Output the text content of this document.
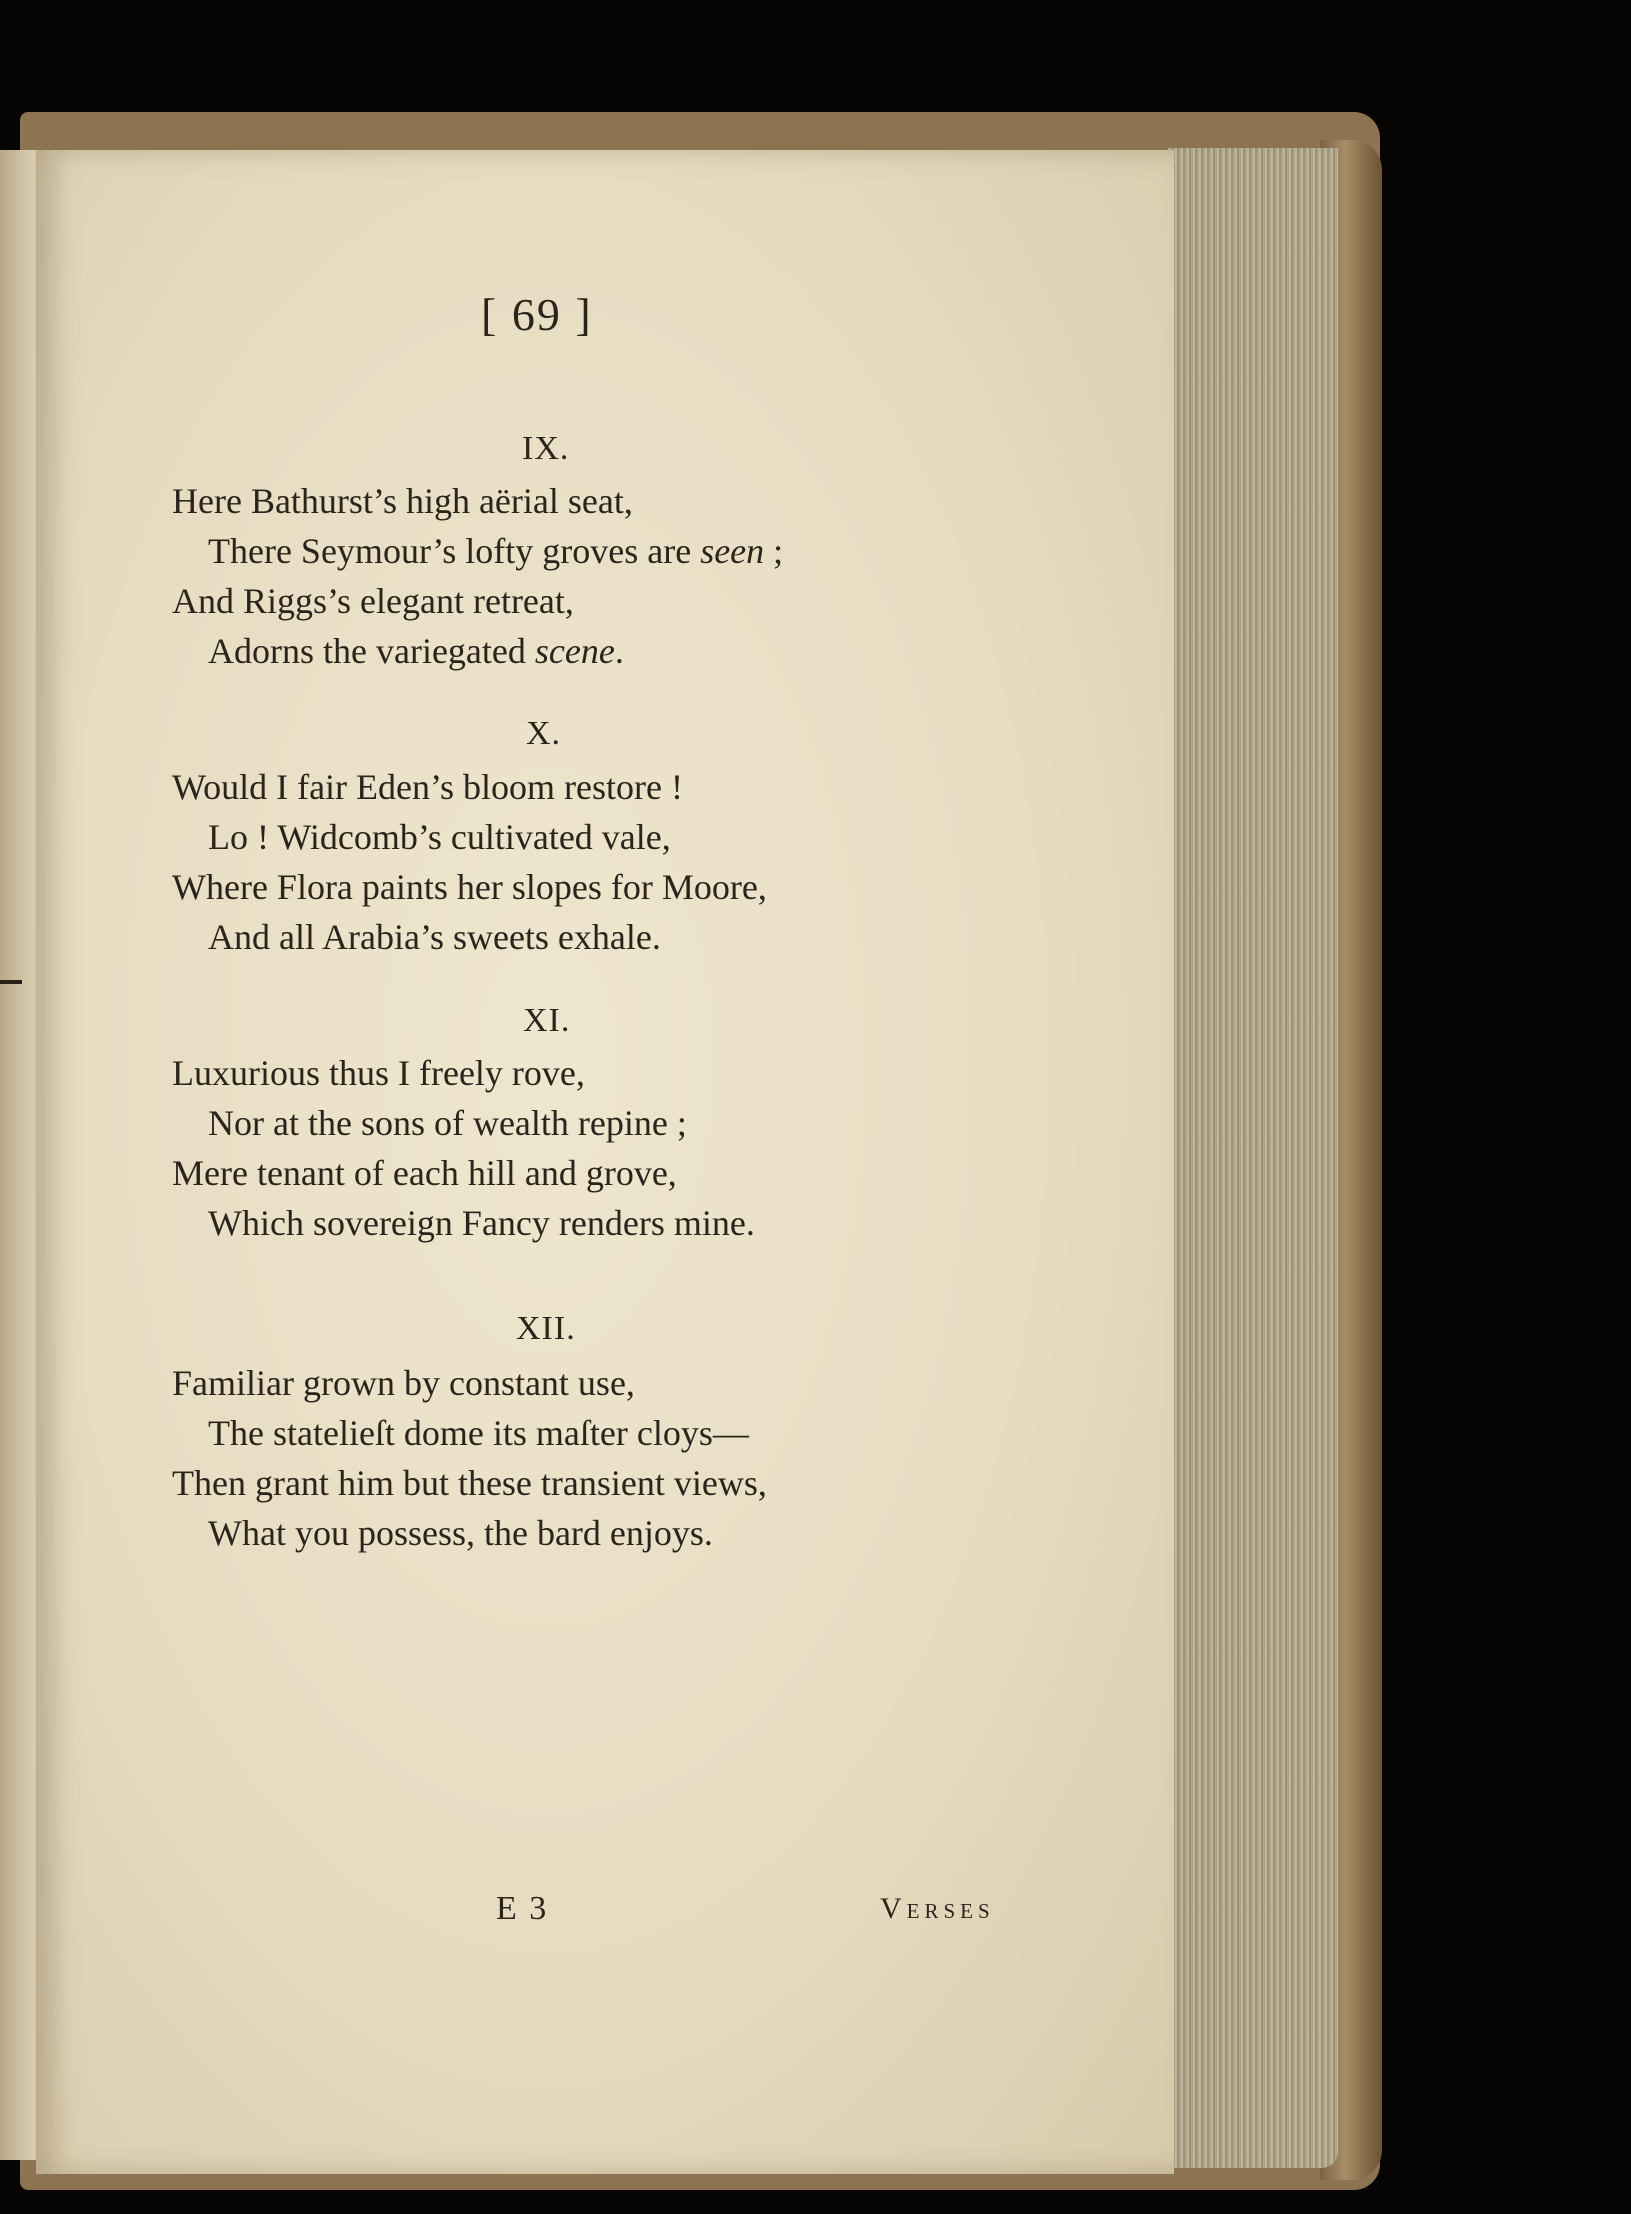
[ 69 ]

IX.

Here Bathurst’s high aërial seat,

There Seymour’s lofty groves are seen ;

And Riggs’s elegant retreat,

Adorns the variegated scene.

X.

Would I fair Eden’s bloom restore !

Lo ! Widcomb’s cultivated vale,

Where Flora paints her slopes for Moore,

And all Arabia’s sweets exhale.

XI.

Luxurious thus I freely rove,

Nor at the sons of wealth repine ;

Mere tenant of each hill and grove,

Which sovereign Fancy renders mine.

XII.

Familiar grown by constant use,

The statelieſt dome its maſter cloys—

Then grant him but these transient views,

What you possess, the bard enjoys.

E 3	Verses
